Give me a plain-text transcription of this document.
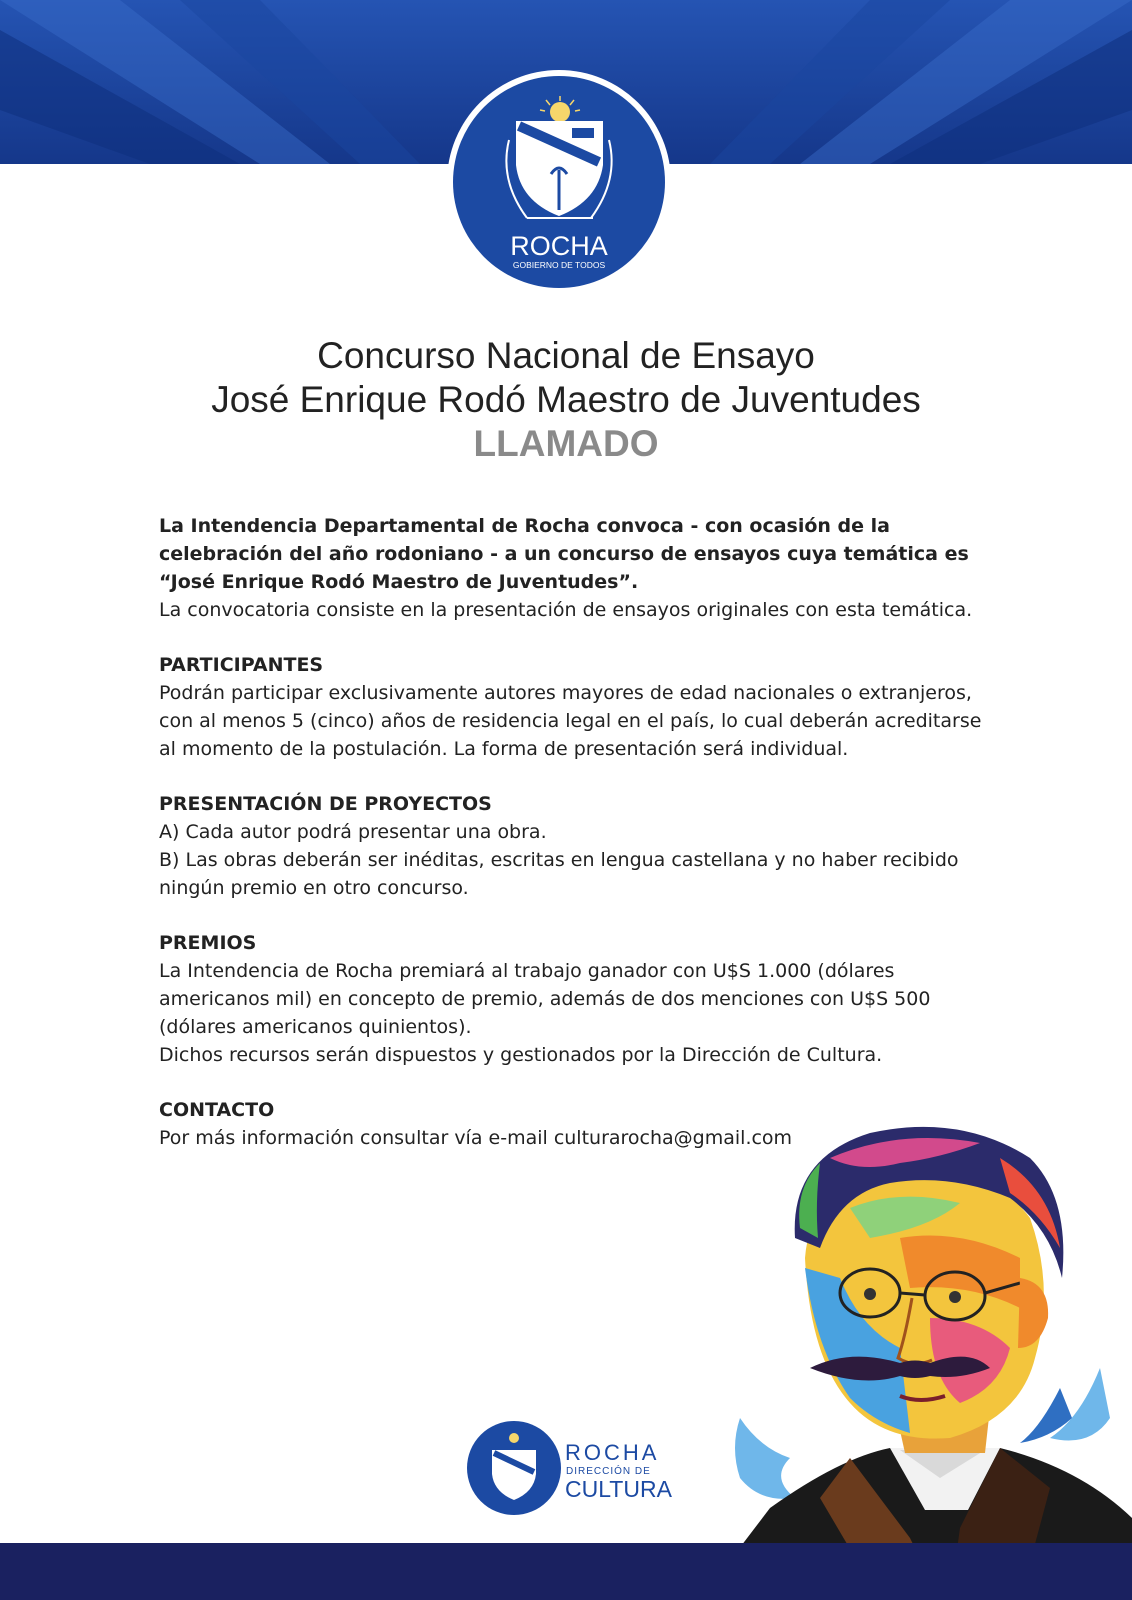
ROCHA
GOBIERNO DE TODOS
Concurso Nacional de Ensayo
José Enrique Rodó Maestro de Juventudes
LLAMADO

La Intendencia Departamental de Rocha convoca - con ocasión de la celebración del año rodoniano - a un concurso de ensayos cuya temática es “José Enrique Rodó Maestro de Juventudes”.

La convocatoria consiste en la presentación de ensayos originales con esta temática.

PARTICIPANTES

Podrán participar exclusivamente autores mayores de edad nacionales o extranjeros, con al menos 5 (cinco) años de residencia legal en el país, lo cual deberán acreditarse al momento de la postulación. La forma de presentación será individual.

PRESENTACIÓN DE PROYECTOS

A) Cada autor podrá presentar una obra.

B) Las obras deberán ser inéditas, escritas en lengua castellana y no haber recibido ningún premio en otro concurso.

PREMIOS

La Intendencia de Rocha premiará al trabajo ganador con U$S 1.000 (dólares americanos mil) en concepto de premio, además de dos menciones con U$S 500 (dólares americanos quinientos).

Dichos recursos serán dispuestos y gestionados por la Dirección de Cultura.

CONTACTO

Por más información consultar vía e-mail culturarocha@gmail.com

ROCHA
DIRECCIÓN DE
CULTURA
